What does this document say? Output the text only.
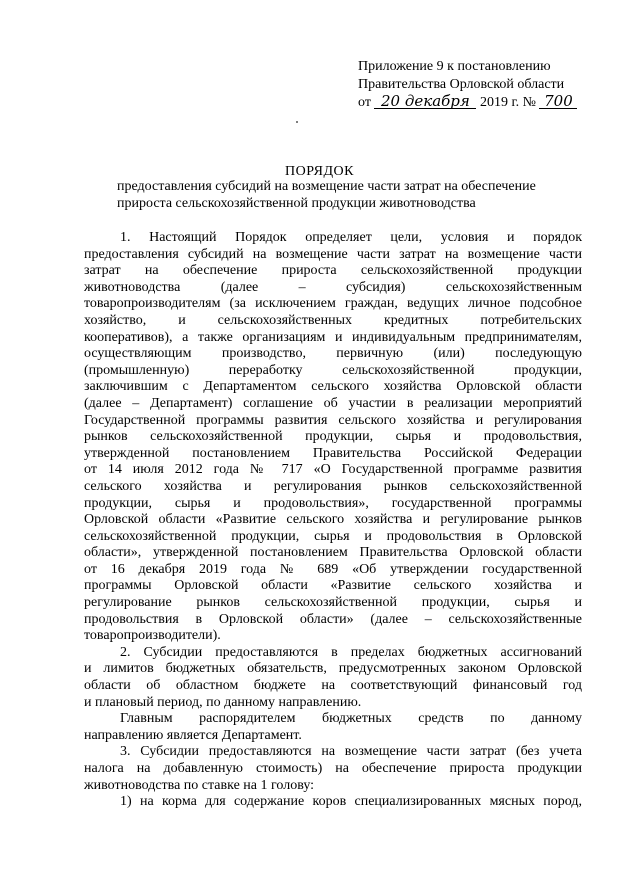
Приложение 9 к постановлению
Правительства Орловской области
от 20 декабря 2019 г. № 700
ПОРЯДОК
предоставления субсидий на возмещение части затрат на обеспечение
прироста сельскохозяйственной продукции животноводства
1. Настоящий Порядок определяет цели, условия и порядок
предоставления субсидий на возмещение части затрат на возмещение части
затрат на обеспечение прироста сельскохозяйственной продукции
животноводства (далее – субсидия) сельскохозяйственным
товаропроизводителям (за исключением граждан, ведущих личное подсобное
хозяйство, и сельскохозяйственных кредитных потребительских
кооперативов), а также организациям и индивидуальным предпринимателям,
осуществляющим производство, первичную (или) последующую
(промышленную) переработку сельскохозяйственной продукции,
заключившим с Департаментом сельского хозяйства Орловской области
(далее – Департамент) соглашение об участии в реализации мероприятий
Государственной программы развития сельского хозяйства и регулирования
рынков сельскохозяйственной продукции, сырья и продовольствия,
утвержденной постановлением Правительства Российской Федерации
от 14 июля 2012 года № 717 «О Государственной программе развития
сельского хозяйства и регулирования рынков сельскохозяйственной
продукции, сырья и продовольствия», государственной программы
Орловской области «Развитие сельского хозяйства и регулирование рынков
сельскохозяйственной продукции, сырья и продовольствия в Орловской
области», утвержденной постановлением Правительства Орловской области
от 16 декабря 2019 года № 689 «Об утверждении государственной
программы Орловской области «Развитие сельского хозяйства и
регулирование рынков сельскохозяйственной продукции, сырья и
продовольствия в Орловской области» (далее – сельскохозяйственные
товаропроизводители).
2. Субсидии предоставляются в пределах бюджетных ассигнований
и лимитов бюджетных обязательств, предусмотренных законом Орловской
области об областном бюджете на соответствующий финансовый год
и плановый период, по данному направлению.
Главным распорядителем бюджетных средств по данному
направлению является Департамент.
3. Субсидии предоставляются на возмещение части затрат (без учета
налога на добавленную стоимость) на обеспечение прироста продукции
животноводства по ставке на 1 голову:
1) на корма для содержание коров специализированных мясных пород,
